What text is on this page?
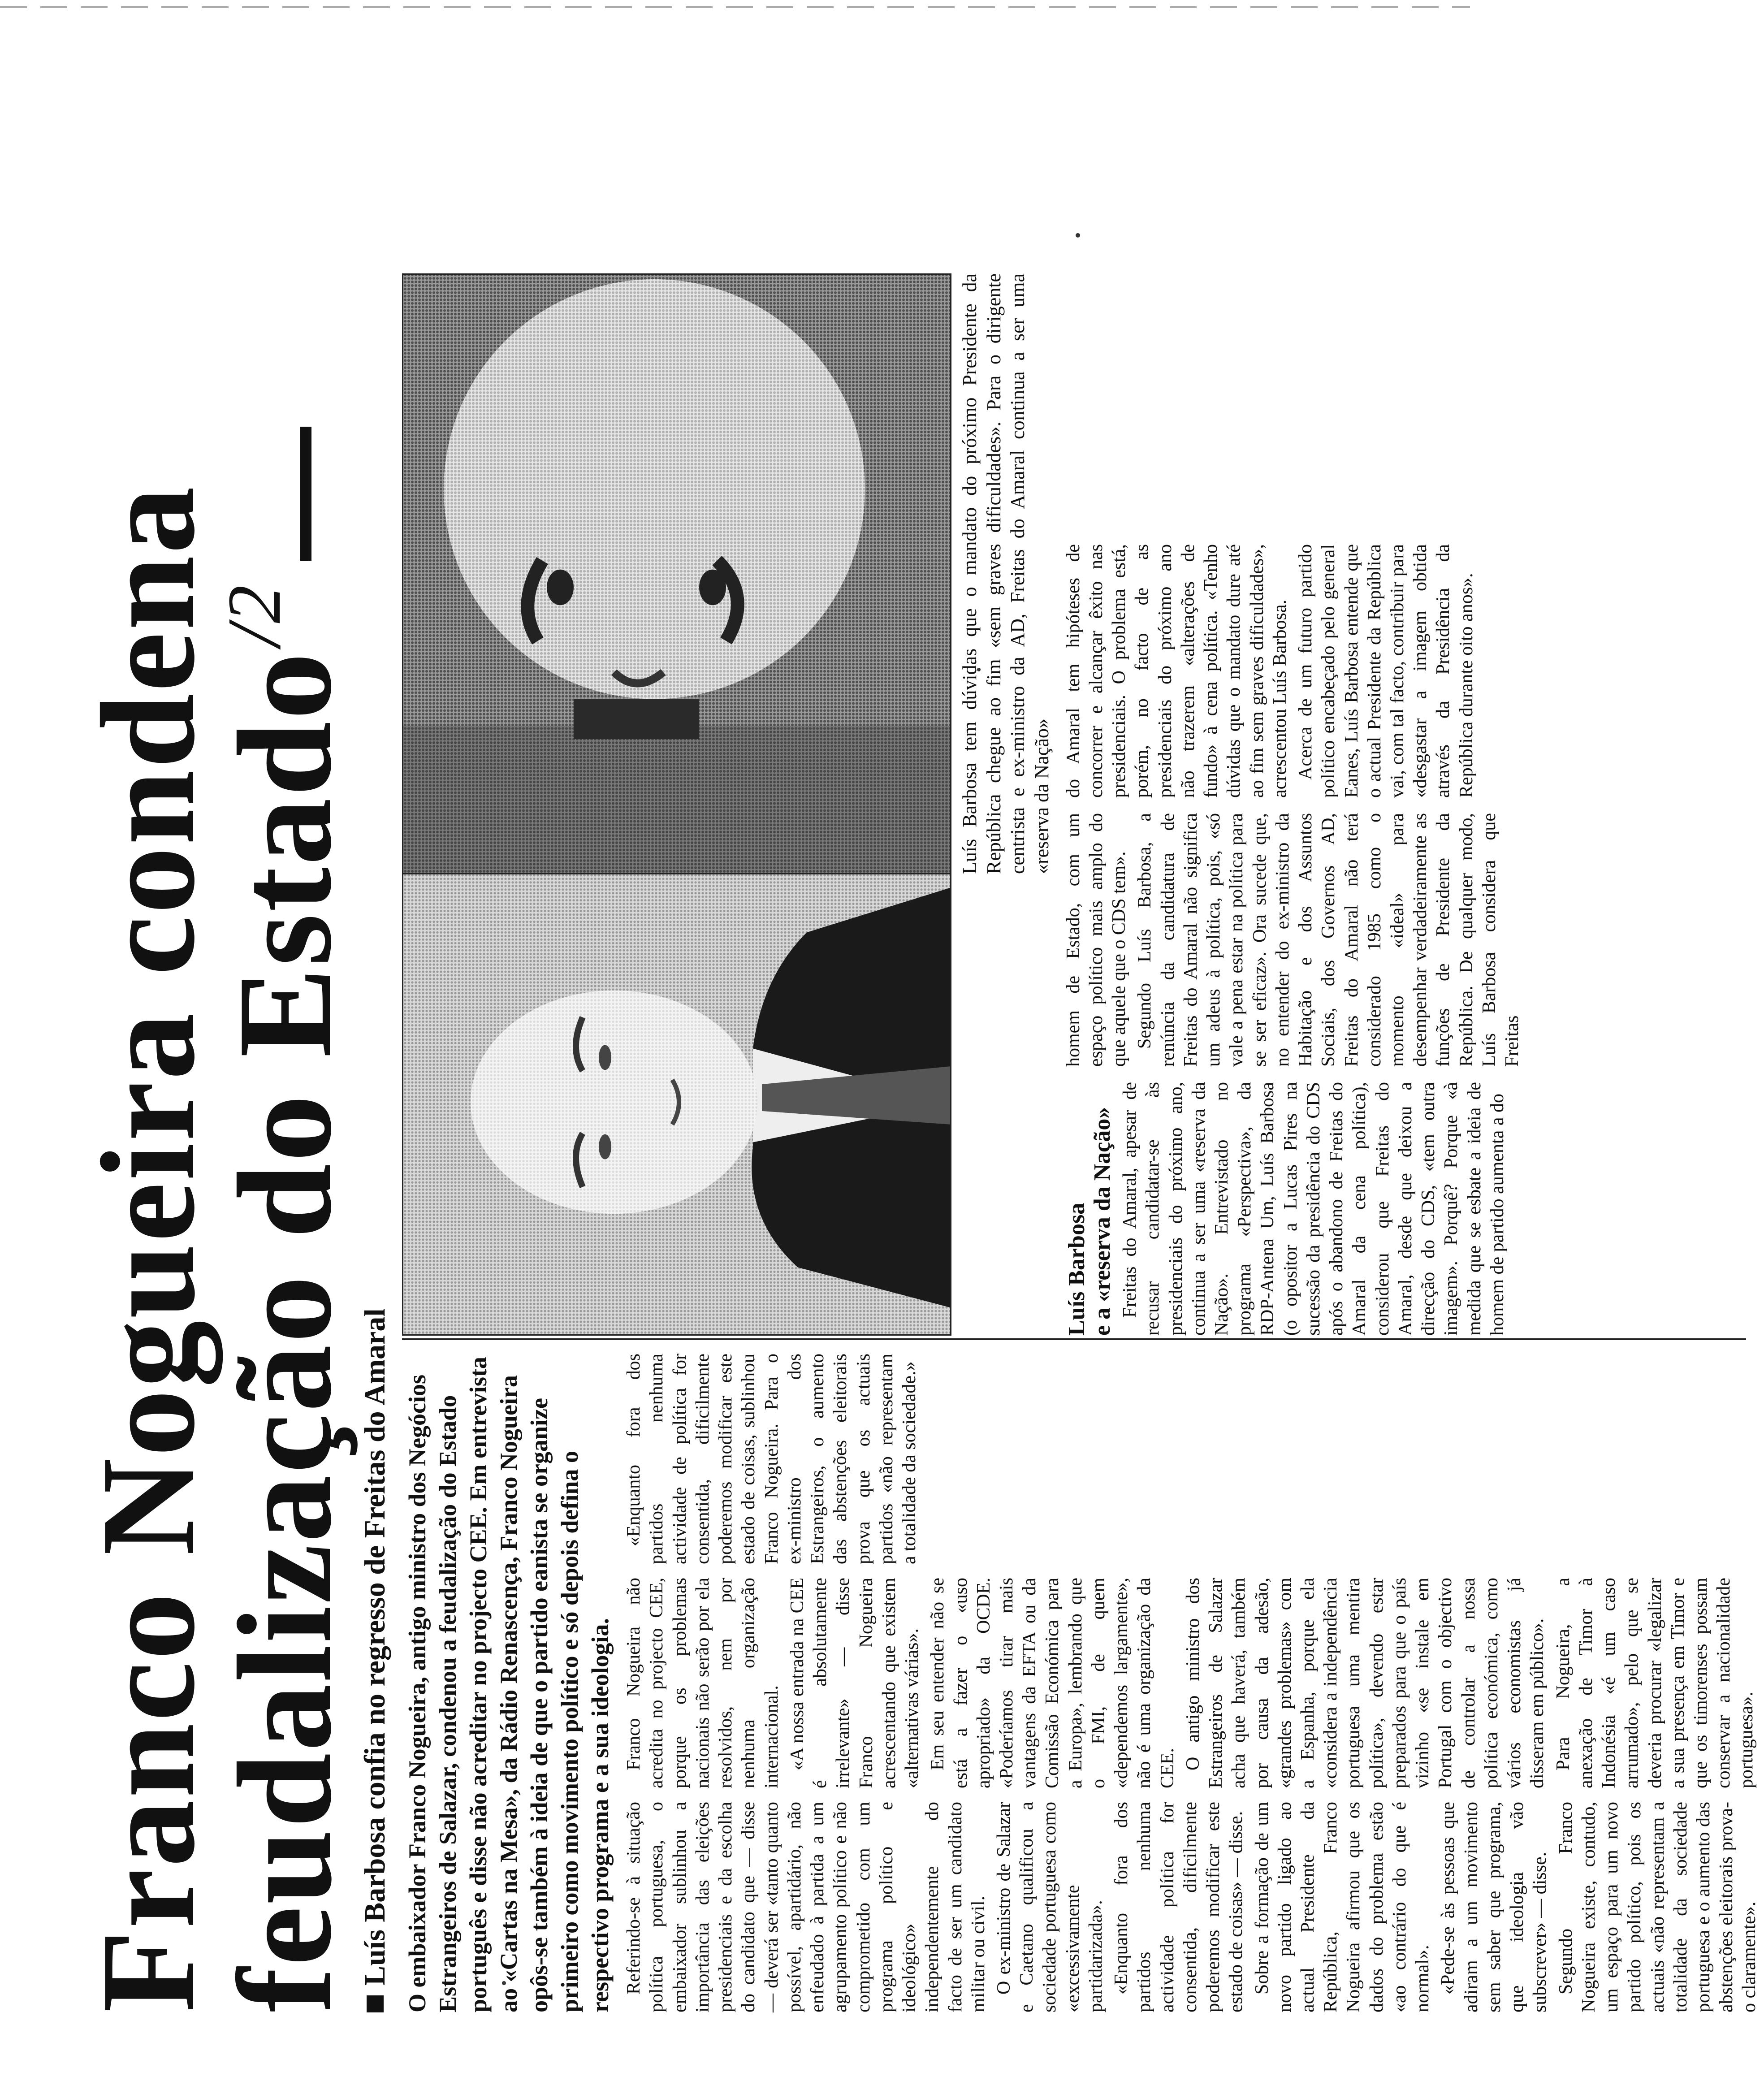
Franco Nogueira condena
feudalização do Estado
/2
Luís Barbosa confia no regresso de Freitas do Amaral O embaixador Franco Nogueira, antigo ministro dos Negócios Estrangeiros de Salazar, condenou a feudalização do Estado português e disse não acreditar no projecto CEE. Em entrevista ao «Cartas na Mesa», da Rádio Renascença, Franco Nogueira opôs-se também à ideia de que o partido eanista se organize primeiro como movimento político e só depois defina o respectivo programa e a sua ideologia. Referindo-se à situação política portuguesa, o embaixador sublinhou a importância das eleições presidenciais e da escolha do candidato que — disse — deverá ser «tanto quanto possível, apartidário, não enfeudado à partida a um agrupamento político e não comprometido com um programa político e ideológico» independentemente do facto de ser um candidato militar ou civil. O ex-ministro de Salazar e Caetano qualificou a sociedade portuguesa como «excessivamente partidarizada». «Enquanto fora dos partidos nenhuma actividade política for consentida, dificilmente poderemos modificar este estado de coisas» — disse. Sobre a formação de um novo partido ligado ao actual Presidente da República, Franco Nogueira afirmou que os dados do problema estão «ao contrário do que é normal». «Pede-se às pessoas que adiram a um movimento sem saber que programa, que ideologia vão subscrever» — disse. Segundo Franco Nogueira existe, contudo, um espaço para um novo partido político, pois os actuais «não representam a totalidade da sociedade portuguesa e o aumento das abstenções eleitorais prova-o claramente».

Franco Nogueira não acredita no projecto CEE, porque os problemas nacionais não serão por ela resolvidos, nem por nenhuma organização internacional. «A nossa entrada na CEE é absolutamente irrelevante» — disse Franco Nogueira acrescentando que existem «alternativas várias». Em seu entender não se está a fazer o «uso apropriado» da OCDE. «Poderíamos tirar mais vantagens da EFTA ou da Comissão Económica para a Europa», lembrando que o FMI, de quem «dependemos largamente», não é uma organização da CEE. O antigo ministro dos Estrangeiros de Salazar acha que haverá, também por causa da adesão, «grandes problemas» com a Espanha, porque ela «considera a independência portuguesa uma mentira política», devendo estar preparados para que o país vizinho «se instale em Portugal com o objectivo de controlar a nossa política económica, como vários economistas já disseram em público». Para Nogueira, a anexação de Timor à Indonésia «é um caso arrumado», pelo que se deveria procurar «legalizar a sua presença em Timor e que os timorenses possam conservar a nacionalidade portuguesa».

«Enquanto fora dos partidos nenhuma actividade de política for consentida, dificilmente poderemos modificar este estado de coisas, sublinhou Franco Nogueira. Para o ex-ministro dos Estrangeiros, o aumento das abstenções eleitorais prova que os actuais partidos «não representam a totalidade da sociedade.»

Luís Barbosa tem dúvidas que o mandato do próximo Presidente da República chegue ao fim «sem graves dificuldades». Para o dirigente centrista e ex-ministro da AD, Freitas do Amaral continua a ser uma «reserva da Nação»
Luís Barbosa e a «reserva da Nação» Freitas do Amaral, apesar de recusar candidatar-se às presidenciais do próximo ano, continua a ser uma «reserva da Nação». Entrevistado no programa «Perspectiva», da RDP-Antena Um, Luís Barbosa (o opositor a Lucas Pires na sucessão da presidência do CDS após o abandono de Freitas do Amaral da cena política), considerou que Freitas do Amaral, desde que deixou a direcção do CDS, «tem outra imagem». Porquê? Porque «à medida que se esbate a ideia de homem de partido aumenta a do

homem de Estado, com um espaço político mais amplo do que aquele que o CDS tem». Segundo Luís Barbosa, a renúncia da candidatura de Freitas do Amaral não significa um adeus à política, pois, «só vale a pena estar na política para se ser eficaz». Ora sucede que, no entender do ex-ministro da Habitação e dos Assuntos Sociais, dos Governos AD, Freitas do Amaral não terá considerado 1985 como o momento «ideal» para desempenhar verdadeiramente as funções de Presidente da República. De qualquer modo, Luís Barbosa considera que Freitas

do Amaral tem hipóteses de concorrer e alcançar êxito nas presidenciais. O problema está, porém, no facto de as presidenciais do próximo ano não trazerem «alterações de fundo» à cena política. «Tenho dúvidas que o mandato dure até ao fim sem graves dificuldades», acrescentou Luís Barbosa. Acerca de um futuro partido político encabeçado pelo general Eanes, Luís Barbosa entende que o actual Presidente da República vai, com tal facto, contribuir para «desgastar a imagem obtida através da Presidência da República durante oito anos».
